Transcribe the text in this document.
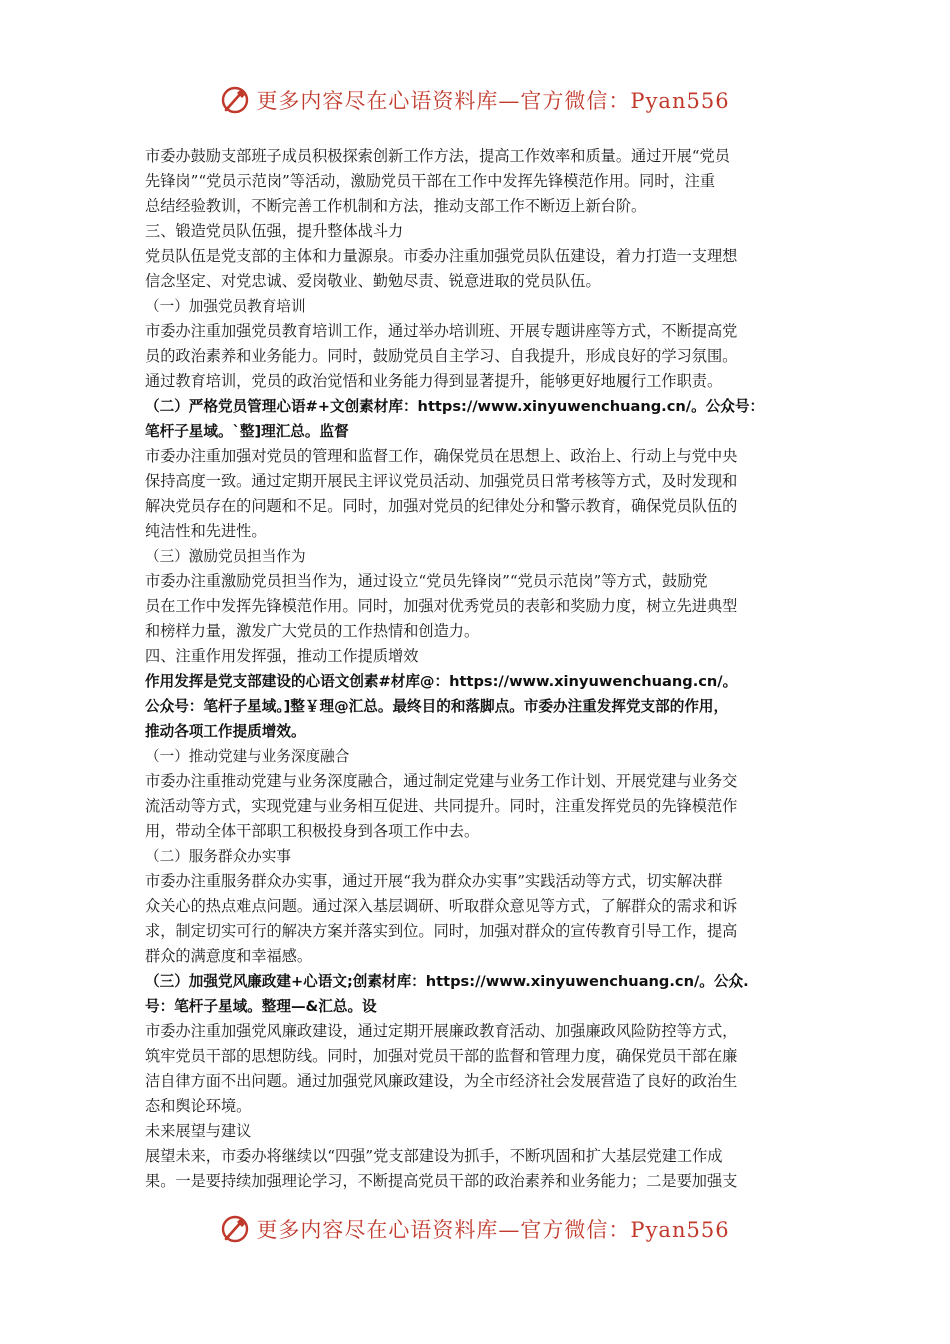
更多内容尽在心语资料库—官方微信：Pyan556
市委办鼓励支部班子成员积极探索创新工作方法，提高工作效率和质量。通过开展“党员
先锋岗”“党员示范岗”等活动，激励党员干部在工作中发挥先锋模范作用。同时，注重
总结经验教训，不断完善工作机制和方法，推动支部工作不断迈上新台阶。
三、锻造党员队伍强，提升整体战斗力
党员队伍是党支部的主体和力量源泉。市委办注重加强党员队伍建设，着力打造一支理想
信念坚定、对党忠诚、爱岗敬业、勤勉尽责、锐意进取的党员队伍。
（一）加强党员教育培训
市委办注重加强党员教育培训工作，通过举办培训班、开展专题讲座等方式，不断提高党
员的政治素养和业务能力。同时，鼓励党员自主学习、自我提升，形成良好的学习氛围。
通过教育培训，党员的政治觉悟和业务能力得到显著提升，能够更好地履行工作职责。
（二）严格党员管理心语#+文创素材库：https://www.xinyuwenchuang.cn/。公众号：
笔杆子星域。`整]理汇总。监督
市委办注重加强对党员的管理和监督工作，确保党员在思想上、政治上、行动上与党中央
保持高度一致。通过定期开展民主评议党员活动、加强党员日常考核等方式，及时发现和
解决党员存在的问题和不足。同时，加强对党员的纪律处分和警示教育，确保党员队伍的
纯洁性和先进性。
（三）激励党员担当作为
市委办注重激励党员担当作为，通过设立“党员先锋岗”“党员示范岗”等方式，鼓励党
员在工作中发挥先锋模范作用。同时，加强对优秀党员的表彰和奖励力度，树立先进典型
和榜样力量，激发广大党员的工作热情和创造力。
四、注重作用发挥强，推动工作提质增效
作用发挥是党支部建设的心语文创素#材库@：https://www.xinyuwenchuang.cn/。
公众号：笔杆子星域。]整￥理@汇总。最终目的和落脚点。市委办注重发挥党支部的作用，
推动各项工作提质增效。
（一）推动党建与业务深度融合
市委办注重推动党建与业务深度融合，通过制定党建与业务工作计划、开展党建与业务交
流活动等方式，实现党建与业务相互促进、共同提升。同时，注重发挥党员的先锋模范作
用，带动全体干部职工积极投身到各项工作中去。
（二）服务群众办实事
市委办注重服务群众办实事，通过开展“我为群众办实事”实践活动等方式，切实解决群
众关心的热点难点问题。通过深入基层调研、听取群众意见等方式，了解群众的需求和诉
求，制定切实可行的解决方案并落实到位。同时，加强对群众的宣传教育引导工作，提高
群众的满意度和幸福感。
（三）加强党风廉政建+心语文;创素材库：https://www.xinyuwenchuang.cn/。公众.
号：笔杆子星域。整理—&汇总。设
市委办注重加强党风廉政建设，通过定期开展廉政教育活动、加强廉政风险防控等方式，
筑牢党员干部的思想防线。同时，加强对党员干部的监督和管理力度，确保党员干部在廉
洁自律方面不出问题。通过加强党风廉政建设，为全市经济社会发展营造了良好的政治生
态和舆论环境。
未来展望与建议
展望未来，市委办将继续以“四强”党支部建设为抓手，不断巩固和扩大基层党建工作成
果。一是要持续加强理论学习，不断提高党员干部的政治素养和业务能力；二是要加强支
更多内容尽在心语资料库—官方微信：Pyan556
